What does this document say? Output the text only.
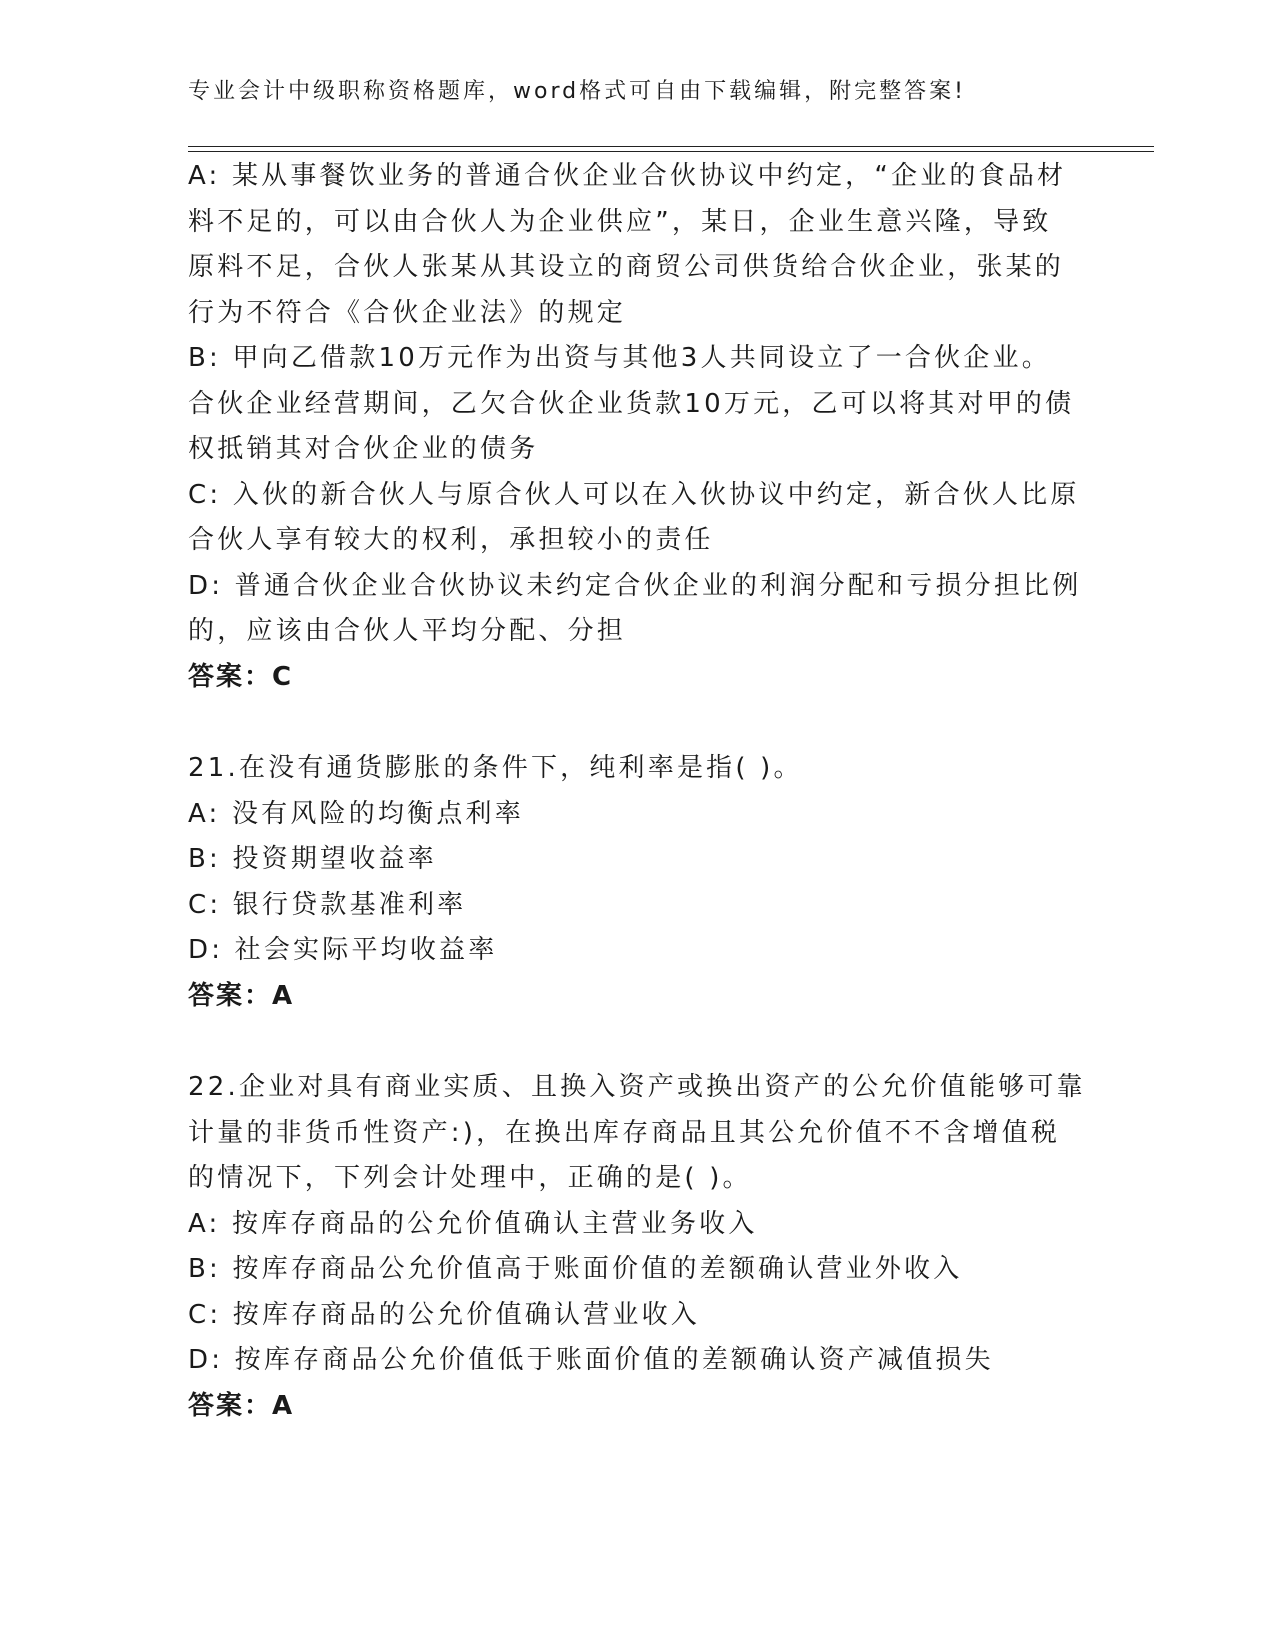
专业会计中级职称资格题库，word格式可自由下载编辑，附完整答案!
A: 某从事餐饮业务的普通合伙企业合伙协议中约定，“企业的食品材
料不足的，可以由合伙人为企业供应”，某日，企业生意兴隆，导致
原料不足，合伙人张某从其设立的商贸公司供货给合伙企业，张某的
行为不符合《合伙企业法》的规定
B: 甲向乙借款10万元作为出资与其他3人共同设立了一合伙企业。
合伙企业经营期间，乙欠合伙企业货款10万元，乙可以将其对甲的债
权抵销其对合伙企业的债务
C: 入伙的新合伙人与原合伙人可以在入伙协议中约定，新合伙人比原
合伙人享有较大的权利，承担较小的责任
D: 普通合伙企业合伙协议未约定合伙企业的利润分配和亏损分担比例
的，应该由合伙人平均分配、分担
答案：C
21.在没有通货膨胀的条件下，纯利率是指( )。
A: 没有风险的均衡点利率
B: 投资期望收益率
C: 银行贷款基准利率
D: 社会实际平均收益率
答案：A
22.企业对具有商业实质、且换入资产或换出资产的公允价值能够可靠
计量的非货币性资产:)，在换出库存商品且其公允价值不不含增值税
的情况下，下列会计处理中，正确的是( )。
A: 按库存商品的公允价值确认主营业务收入
B: 按库存商品公允价值高于账面价值的差额确认营业外收入
C: 按库存商品的公允价值确认营业收入
D: 按库存商品公允价值低于账面价值的差额确认资产减值损失
答案：A
